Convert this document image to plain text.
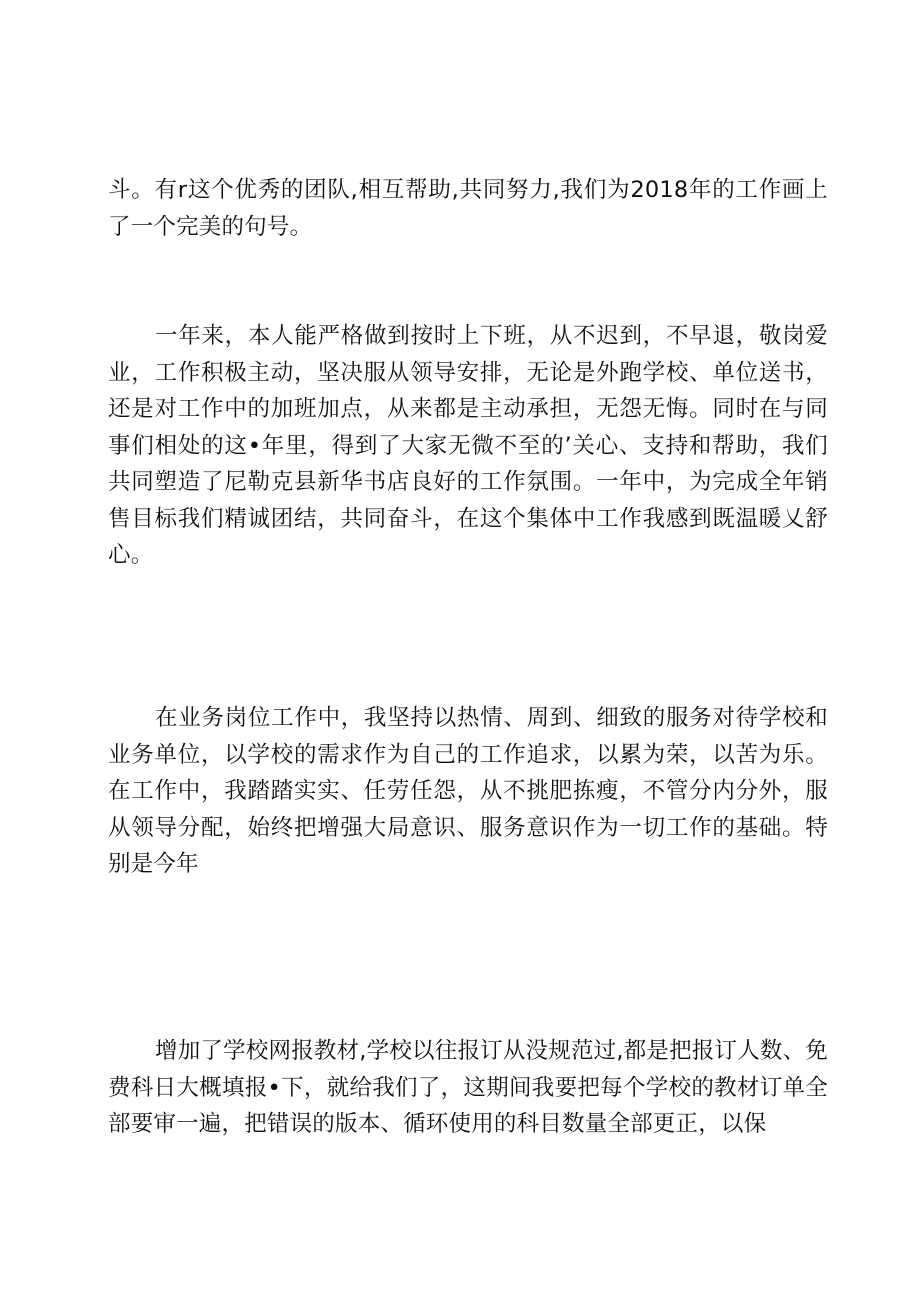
斗。有r这个优秀的团队,相互帮助,共同努力,我们为2018年的工作画上了一个完美的句号。

一年来，本人能严格做到按时上下班，从不迟到，不早退，敬岗爱业，工作积极主动，坚决服从领导安排，无论是外跑学校、单位送书，还是对工作中的加班加点，从来都是主动承担，无怨无悔。同时在与同事们相处的这•年里，得到了大家无微不至的’关心、支持和帮助，我们共同塑造了尼勒克县新华书店良好的工作氛围。一年中，为完成全年销售目标我们精诚团结，共同奋斗，在这个集体中工作我感到既温暖乂舒心。

在业务岗位工作中，我坚持以热情、周到、细致的服务对待学校和业务单位，以学校的需求作为自己的工作追求，以累为荣，以苦为乐。在工作中，我踏踏实实、任劳任怨，从不挑肥拣瘦，不管分内分外，服从领导分配，始终把增强大局意识、服务意识作为一切工作的基础。特别是今年

增加了学校网报教材,学校以往报订从没规范过,都是把报订人数、免费科日大概填报•下，就给我们了，这期间我要把每个学校的教材订单全部要审一遍，把错误的版本、循环使用的科目数量全部更正，以保
